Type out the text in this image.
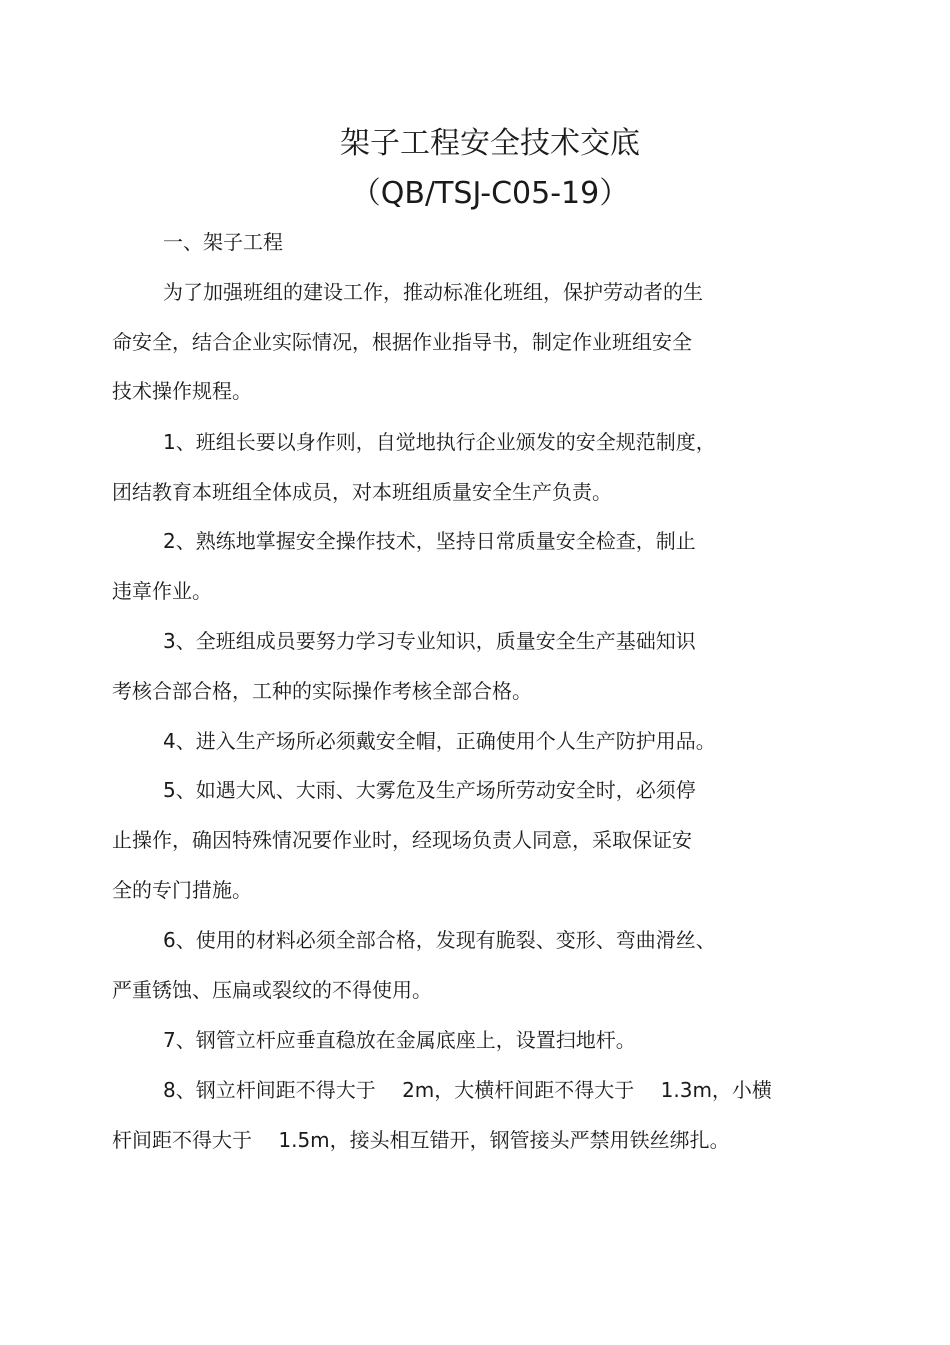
架子工程安全技术交底
（QB/TSJ-C05-19）
一、架子工程
为了加强班组的建设工作，推动标准化班组，保护劳动者的生
命安全，结合企业实际情况，根据作业指导书，制定作业班组安全
技术操作规程。
1、班组长要以身作则，自觉地执行企业颁发的安全规范制度，
团结教育本班组全体成员，对本班组质量安全生产负责。
2、熟练地掌握安全操作技术，坚持日常质量安全检查，制止
违章作业。
3、全班组成员要努力学习专业知识，质量安全生产基础知识
考核合部合格，工种的实际操作考核全部合格。
4、进入生产场所必须戴安全帽，正确使用个人生产防护用品。
5、如遇大风、大雨、大雾危及生产场所劳动安全时，必须停
止操作，确因特殊情况要作业时，经现场负责人同意，采取保证安
全的专门措施。
6、使用的材料必须全部合格，发现有脆裂、变形、弯曲滑丝、
严重锈蚀、压扁或裂纹的不得使用。
7、钢管立杆应垂直稳放在金属底座上，设置扫地杆。
8、钢立杆间距不得大于　 2m，大横杆间距不得大于　 1.3m，小横
杆间距不得大于　 1.5m，接头相互错开，钢管接头严禁用铁丝绑扎。
